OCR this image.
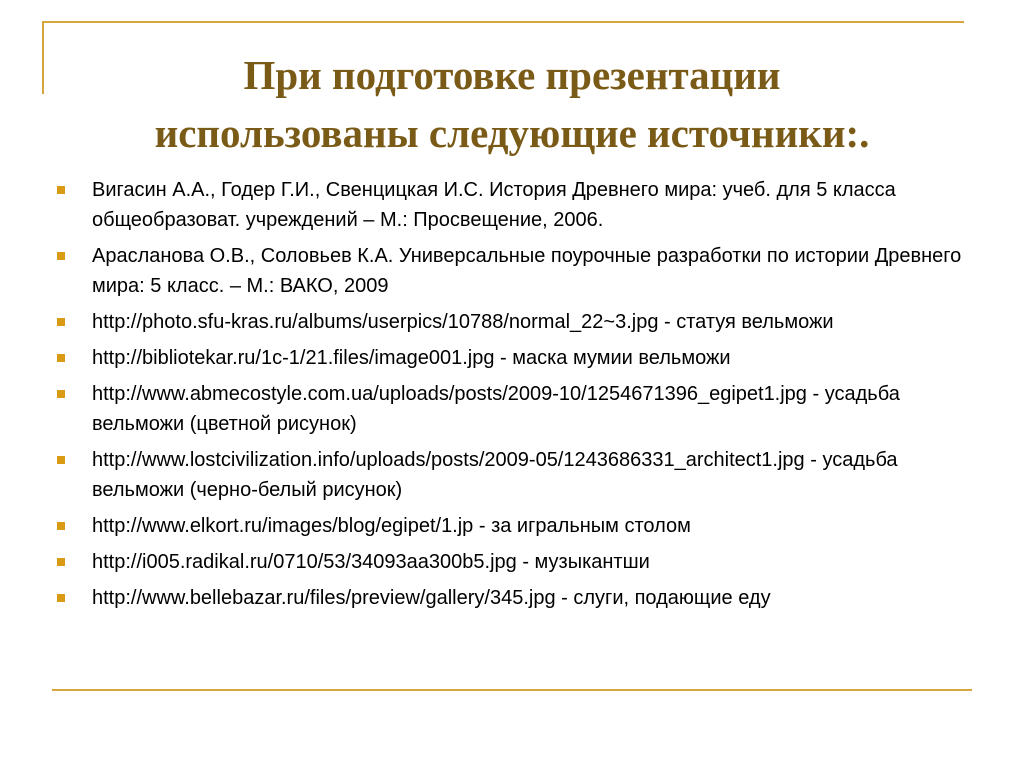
При подготовке презентации
использованы следующие источники:.
Вигасин А.А., Годер Г.И., Свенцицкая И.С. История Древнего мира: учеб. для 5 класса общеобразоват. учреждений – М.: Просвещение, 2006.
Арасланова О.В., Соловьев К.А. Универсальные поурочные разработки по истории Древнего мира: 5 класс. – М.: ВАКО, 2009
http://photo.sfu-kras.ru/albums/userpics/10788/normal_22~3.jpg - статуя вельможи
http://bibliotekar.ru/1c-1/21.files/image001.jpg - маска мумии вельможи
http://www.abmecostyle.com.ua/uploads/posts/2009-10/1254671396_egipet1.jpg - усадьба вельможи (цветной рисунок)
http://www.lostcivilization.info/uploads/posts/2009-05/1243686331_architect1.jpg - усадьба вельможи (черно-белый рисунок)
http://www.elkort.ru/images/blog/egipet/1.jp - за игральным столом
http://i005.radikal.ru/0710/53/34093aa300b5.jpg - музыкантши
http://www.bellebazar.ru/files/preview/gallery/345.jpg - слуги, подающие еду
